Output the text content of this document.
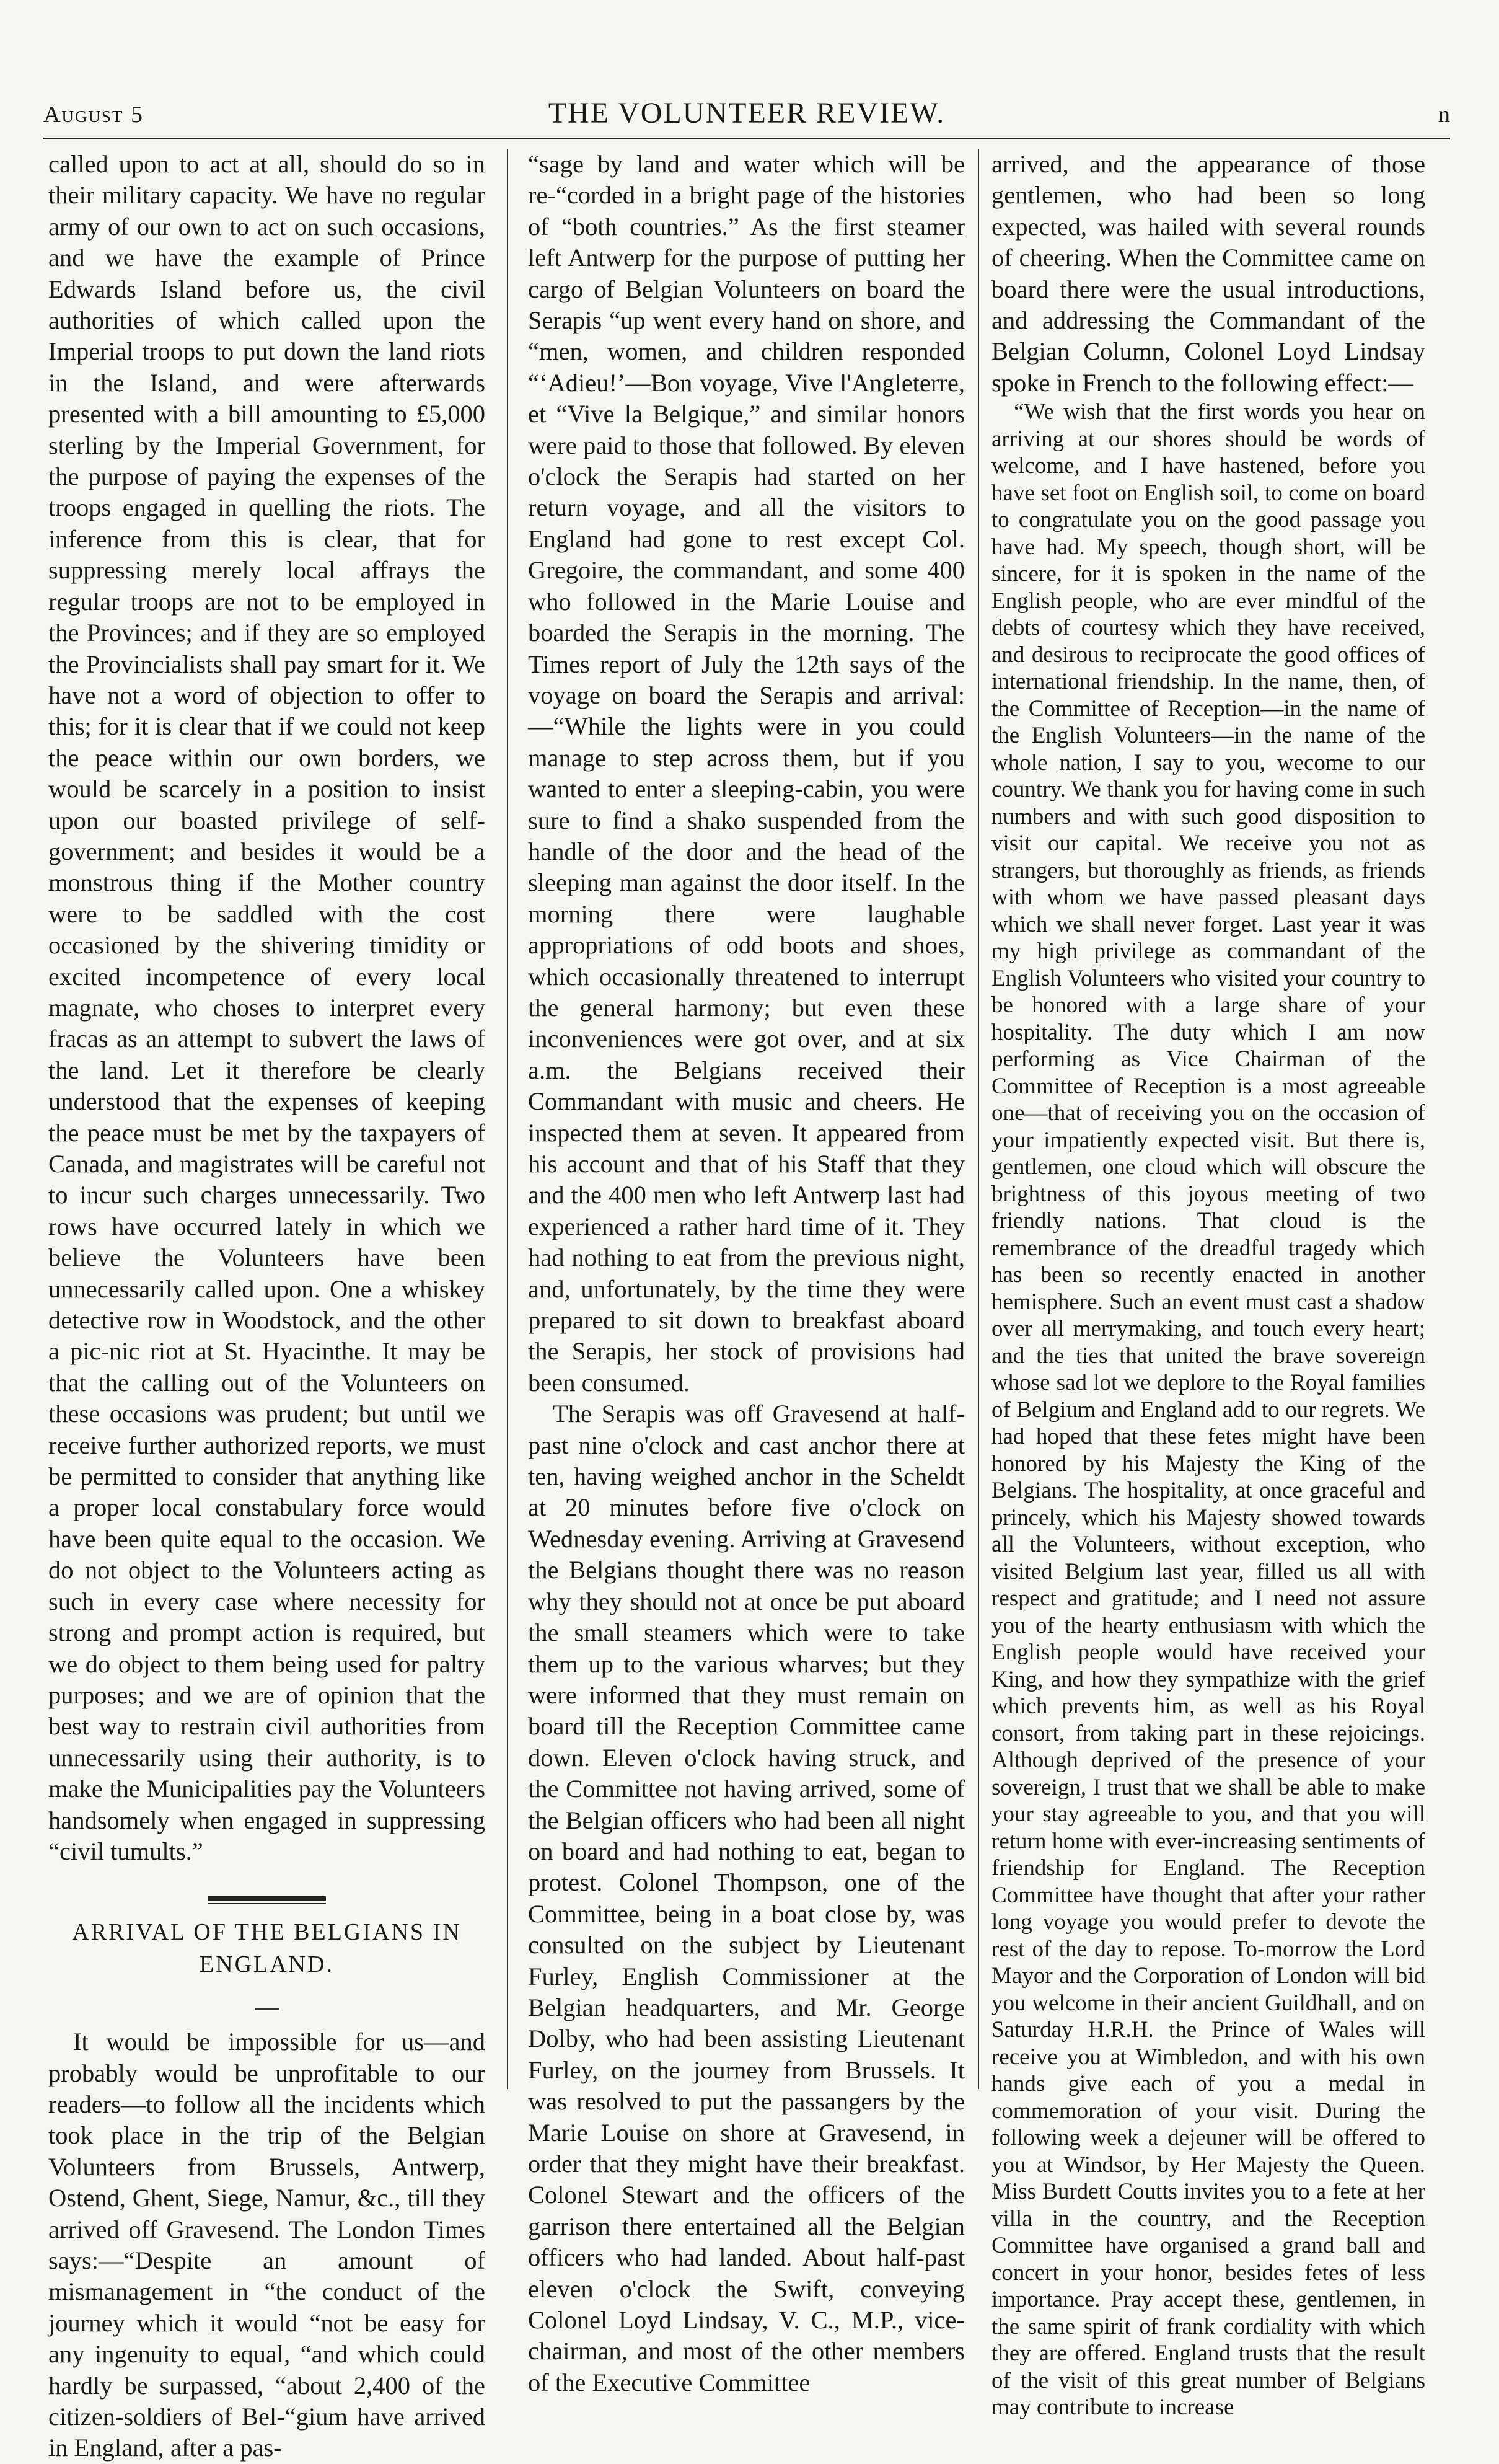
August 5	THE VOLUNTEER REVIEW.	n

called upon to act at all, should do so in their military capacity. We have no regular army of our own to act on such occasions, and we have the example of Prince Edwards Island before us, the civil authorities of which called upon the Imperial troops to put down the land riots in the Island, and were afterwards presented with a bill amounting to £5,000 sterling by the Imperial Government, for the purpose of paying the expenses of the troops engaged in quelling the riots. The inference from this is clear, that for suppressing merely local affrays the regular troops are not to be employed in the Provinces; and if they are so employed the Provincialists shall pay smart for it. We have not a word of objection to offer to this; for it is clear that if we could not keep the peace within our own borders, we would be scarcely in a position to insist upon our boasted privilege of self-government; and besides it would be a monstrous thing if the Mother country were to be saddled with the cost occasioned by the shivering timidity or excited incompetence of every local magnate, who choses to interpret every fracas as an attempt to subvert the laws of the land. Let it therefore be clearly understood that the expenses of keeping the peace must be met by the taxpayers of Canada, and magistrates will be careful not to incur such charges unnecessarily. Two rows have occurred lately in which we believe the Volunteers have been unnecessarily called upon. One a whiskey detective row in Woodstock, and the other a pic-nic riot at St. Hyacinthe. It may be that the calling out of the Volunteers on these occasions was prudent; but until we receive further authorized reports, we must be permitted to consider that anything like a proper local constabulary force would have been quite equal to the occasion. We do not object to the Volunteers acting as such in every case where necessity for strong and prompt action is required, but we do object to them being used for paltry purposes; and we are of opinion that the best way to restrain civil authorities from unnecessarily using their authority, is to make the Municipalities pay the Volunteers handsomely when engaged in suppressing “civil tumults.”

ARRIVAL OF THE BELGIANS IN ENGLAND.

It would be impossible for us—and probably would be unprofitable to our readers—to follow all the incidents which took place in the trip of the Belgian Volunteers from Brussels, Antwerp, Ostend, Ghent, Siege, Namur, &c., till they arrived off Gravesend. The London Times says:—“Despite an amount of mismanagement in “the conduct of the journey which it would “not be easy for any ingenuity to equal, “and which could hardly be surpassed, “about 2,400 of the citizen-soldiers of Bel-“gium have arrived in England, after a pas-

“sage by land and water which will be re-“corded in a bright page of the histories of “both countries.” As the first steamer left Antwerp for the purpose of putting her cargo of Belgian Volunteers on board the Serapis “up went every hand on shore, and “men, women, and children responded “‘Adieu!’—Bon voyage, Vive l'Angleterre, et “Vive la Belgique,” and similar honors were paid to those that followed. By eleven o'clock the Serapis had started on her return voyage, and all the visitors to England had gone to rest except Col. Gregoire, the commandant, and some 400 who followed in the Marie Louise and boarded the Serapis in the morning. The Times report of July the 12th says of the voyage on board the Serapis and arrival:—“While the lights were in you could manage to step across them, but if you wanted to enter a sleeping-cabin, you were sure to find a shako suspended from the handle of the door and the head of the sleeping man against the door itself. In the morning there were laughable appropriations of odd boots and shoes, which occasionally threatened to interrupt the general harmony; but even these inconveniences were got over, and at six a.m. the Belgians received their Commandant with music and cheers. He inspected them at seven. It appeared from his account and that of his Staff that they and the 400 men who left Antwerp last had experienced a rather hard time of it. They had nothing to eat from the previous night, and, unfortunately, by the time they were prepared to sit down to breakfast aboard the Serapis, her stock of provisions had been consumed.

The Serapis was off Gravesend at half-past nine o'clock and cast anchor there at ten, having weighed anchor in the Scheldt at 20 minutes before five o'clock on Wednesday evening. Arriving at Gravesend the Belgians thought there was no reason why they should not at once be put aboard the small steamers which were to take them up to the various wharves; but they were informed that they must remain on board till the Reception Committee came down. Eleven o'clock having struck, and the Committee not having arrived, some of the Belgian officers who had been all night on board and had nothing to eat, began to protest. Colonel Thompson, one of the Committee, being in a boat close by, was consulted on the subject by Lieutenant Furley, English Commissioner at the Belgian headquarters, and Mr. George Dolby, who had been assisting Lieutenant Furley, on the journey from Brussels. It was resolved to put the passangers by the Marie Louise on shore at Gravesend, in order that they might have their breakfast. Colonel Stewart and the officers of the garrison there entertained all the Belgian officers who had landed. About half-past eleven o'clock the Swift, conveying Colonel Loyd Lindsay, V. C., M.P., vice-chairman, and most of the other members of the Executive Committee

arrived, and the appearance of those gentlemen, who had been so long expected, was hailed with several rounds of cheering. When the Committee came on board there were the usual introductions, and addressing the Commandant of the Belgian Column, Colonel Loyd Lindsay spoke in French to the following effect:—

“We wish that the first words you hear on arriving at our shores should be words of welcome, and I have hastened, before you have set foot on English soil, to come on board to congratulate you on the good passage you have had. My speech, though short, will be sincere, for it is spoken in the name of the English people, who are ever mindful of the debts of courtesy which they have received, and desirous to reciprocate the good offices of international friendship. In the name, then, of the Committee of Reception—in the name of the English Volunteers—in the name of the whole nation, I say to you, wecome to our country. We thank you for having come in such numbers and with such good disposition to visit our capital. We receive you not as strangers, but thoroughly as friends, as friends with whom we have passed pleasant days which we shall never forget. Last year it was my high privilege as commandant of the English Volunteers who visited your country to be honored with a large share of your hospitality. The duty which I am now performing as Vice Chairman of the Committee of Reception is a most agreeable one—that of receiving you on the occasion of your impatiently expected visit. But there is, gentlemen, one cloud which will obscure the brightness of this joyous meeting of two friendly nations. That cloud is the remembrance of the dreadful tragedy which has been so recently enacted in another hemisphere. Such an event must cast a shadow over all merrymaking, and touch every heart; and the ties that united the brave sovereign whose sad lot we deplore to the Royal families of Belgium and England add to our regrets. We had hoped that these fetes might have been honored by his Majesty the King of the Belgians. The hospitality, at once graceful and princely, which his Majesty showed towards all the Volunteers, without exception, who visited Belgium last year, filled us all with respect and gratitude; and I need not assure you of the hearty enthusiasm with which the English people would have received your King, and how they sympathize with the grief which prevents him, as well as his Royal consort, from taking part in these rejoicings. Although deprived of the presence of your sovereign, I trust that we shall be able to make your stay agreeable to you, and that you will return home with ever-increasing sentiments of friendship for England. The Reception Committee have thought that after your rather long voyage you would prefer to devote the rest of the day to repose. To-morrow the Lord Mayor and the Corporation of London will bid you welcome in their ancient Guildhall, and on Saturday H.R.H. the Prince of Wales will receive you at Wimbledon, and with his own hands give each of you a medal in commemoration of your visit. During the following week a dejeuner will be offered to you at Windsor, by Her Majesty the Queen. Miss Burdett Coutts invites you to a fete at her villa in the country, and the Reception Committee have organised a grand ball and concert in your honor, besides fetes of less importance. Pray accept these, gentlemen, in the same spirit of frank cordiality with which they are offered. England trusts that the result of the visit of this great number of Belgians may contribute to increase
